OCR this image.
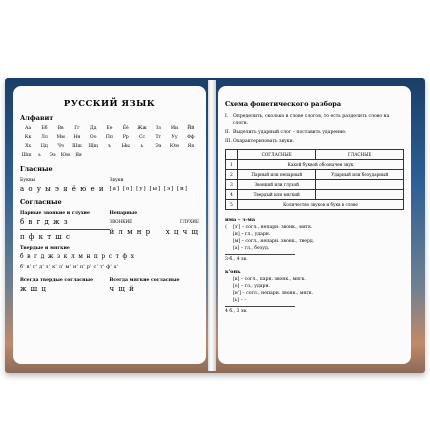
РУССКИЙ ЯЗЫК
Алфавит
Аа	Бб	Вв	Гг	Дд	Ее	Ёё	Жж	Зз	Ии	Йй
Кк	Лл	Мм	Нн	Оо	Пп	Рр	Сс	Тт	Уу	Фф
Хх	Цц	Чч	Шш	Щщ	ъ	Ыы	ь	Ээ	Юю	Яя
Шш	ь	Ээ	Юю	Яя
Гласные
Буквы
а о у ы э я ё ю е и
Звуки
[а] [о] [у] [ы] [э] [и]
Согласные
Парные звонкие и глухие	Непарные
б в г д ж з
п ф к т ш с
ЗВОНКИЕ	ГЛУХИЕ
й л м н р х ц ч щ
Твердые и мягкие
б в г д ж з к л м н п р с т ф х
б' в' г' д' з' к' л' м' н' п' р' с' т' ф' х'
Всегда твердые согласные
ж ш ц
Всегда мягкие согласные
ч щ й
Схема фонетического разбора
I.	Определить, сколько в слове слогов, то есть разделить слово на слоги.
II. Выделить ударный слог – поставить ударение.
III. Охарактеризовать звуки.
	СОГЛАСНЫЕ	ГЛАСНЫЕ
1	Какой буквой обозначен звук	
2	Парный или непарный	Ударный или безударный
3	Звонкий или глухой	
4	Твердый или мягкий	
5	Количество звуков и букв в слове	
има – з-ма
⟨	[з'] – согл., непарн. звонк., мягк.
[и] – гл., ударн.
[м] – согл., непарн. звонк., тверд.
[а] – гл., безуд.
3-б., 4 зв.
к'онь
[к] – согл., парн. звонк., мягк.
[о] – гл., ударн.
[н'] – согл., непарн. звонк., мягк.
[ь] – –
4 б., 3 зв.
